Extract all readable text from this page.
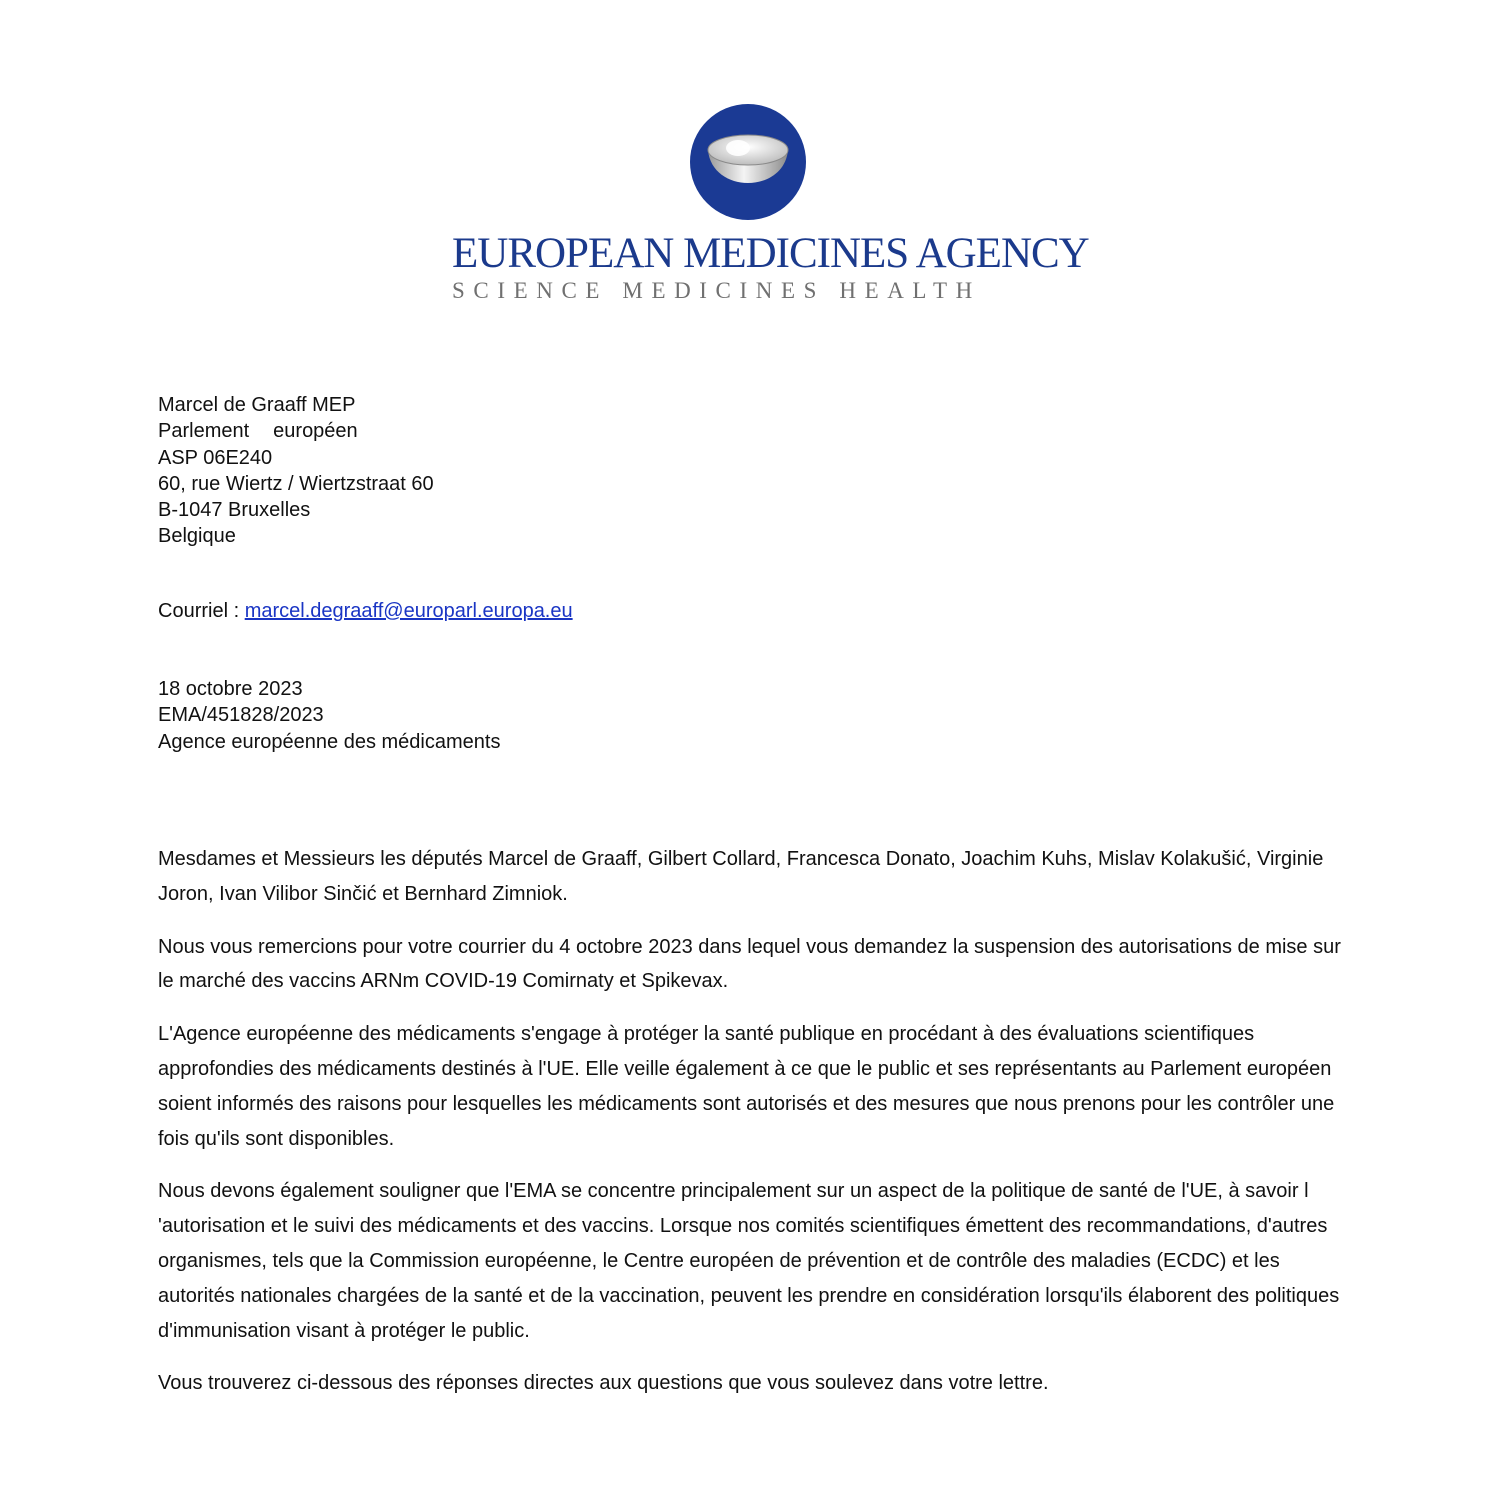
EUROPEAN MEDICINES AGENCY
SCIENCE MEDICINES HEALTH
Marcel de Graaff MEP
Parlement européen
ASP 06E240
60, rue Wiertz / Wiertzstraat 60
B-1047 Bruxelles
Belgique
Courriel : marcel.degraaff@europarl.europa.eu
18 octobre 2023
EMA/451828/2023
Agence européenne des médicaments

Mesdames et Messieurs les députés Marcel de Graaff, Gilbert Collard, Francesca Donato, Joachim Kuhs, Mislav Kolakušić, Virginie Joron, Ivan Vilibor Sinčić et Bernhard Zimniok.

Nous vous remercions pour votre courrier du 4 octobre 2023 dans lequel vous demandez la suspension des autorisations de mise sur le marché des vaccins ARNm COVID-19 Comirnaty et Spikevax.

L'Agence européenne des médicaments s'engage à protéger la santé publique en procédant à des évaluations scientifiques approfondies des médicaments destinés à l'UE. Elle veille également à ce que le public et ses représentants au Parlement européen soient informés des raisons pour lesquelles les médicaments sont autorisés et des mesures que nous prenons pour les contrôler une fois qu'ils sont disponibles.

Nous devons également souligner que l'EMA se concentre principalement sur un aspect de la politique de santé de l'UE, à savoir l 'autorisation et le suivi des médicaments et des vaccins. Lorsque nos comités scientifiques émettent des recommandations, d'autres organismes, tels que la Commission européenne, le Centre européen de prévention et de contrôle des maladies (ECDC) et les autorités nationales chargées de la santé et de la vaccination, peuvent les prendre en considération lorsqu'ils élaborent des politiques d'immunisation visant à protéger le public.

Vous trouverez ci-dessous des réponses directes aux questions que vous soulevez dans votre lettre.
